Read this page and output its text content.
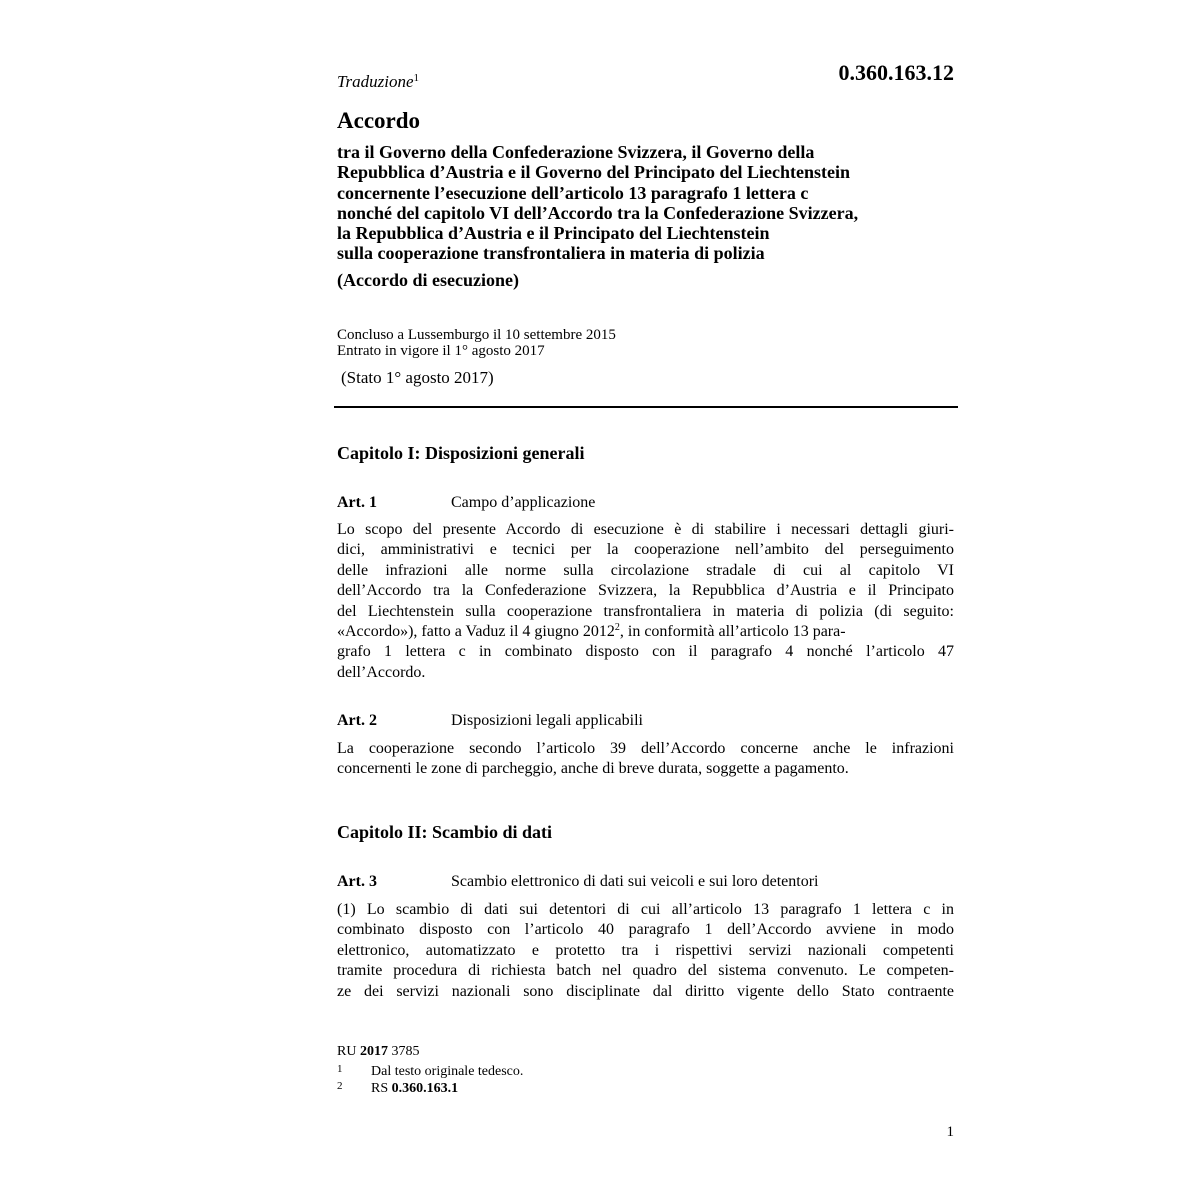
Traduzione$^1$	0.360.163.12
Accordo
tra il Governo della Confederazione Svizzera, il Governo della
Repubblica d’Austria e il Governo del Principato del Liechtenstein
concernente l’esecuzione dell’articolo 13 paragrafo 1 lettera c
nonché del capitolo VI dell’Accordo tra la Confederazione Svizzera,
la Repubblica d’Austria e il Principato del Liechtenstein
sulla cooperazione transfrontaliera in materia di polizia
(Accordo di esecuzione)
Concluso a Lussemburgo il 10 settembre 2015
Entrato in vigore il 1° agosto 2017
(Stato 1° agosto 2017)
Capitolo I: Disposizioni generali
Art. 1	Campo d’applicazione
Lo scopo del presente Accordo di esecuzione è di stabilire i necessari dettagli giuri-
dici, amministrativi e tecnici per la cooperazione nell’ambito del perseguimento
delle infrazioni alle norme sulla circolazione stradale di cui al capitolo VI
dell’Accordo tra la Confederazione Svizzera, la Repubblica d’Austria e il Principato
del Liechtenstein sulla cooperazione transfrontaliera in materia di polizia (di seguito:
«Accordo»), fatto a Vaduz il 4 giugno 2012$^2$, in conformità all’articolo 13 para-
grafo 1 lettera c in combinato disposto con il paragrafo 4 nonché l’articolo 47
dell’Accordo.
Art. 2	Disposizioni legali applicabili
La cooperazione secondo l’articolo 39 dell’Accordo concerne anche le infrazioni
concernenti le zone di parcheggio, anche di breve durata, soggette a pagamento.
Capitolo II: Scambio di dati
Art. 3	Scambio elettronico di dati sui veicoli e sui loro detentori
(1) Lo scambio di dati sui detentori di cui all’articolo 13 paragrafo 1 lettera c in
combinato disposto con l’articolo 40 paragrafo 1 dell’Accordo avviene in modo
elettronico, automatizzato e protetto tra i rispettivi servizi nazionali competenti
tramite procedura di richiesta batch nel quadro del sistema convenuto. Le competen-
ze dei servizi nazionali sono disciplinate dal diritto vigente dello Stato contraente
RU 2017 3785
1 Dal testo originale tedesco.
2 RS 0.360.163.1
1
